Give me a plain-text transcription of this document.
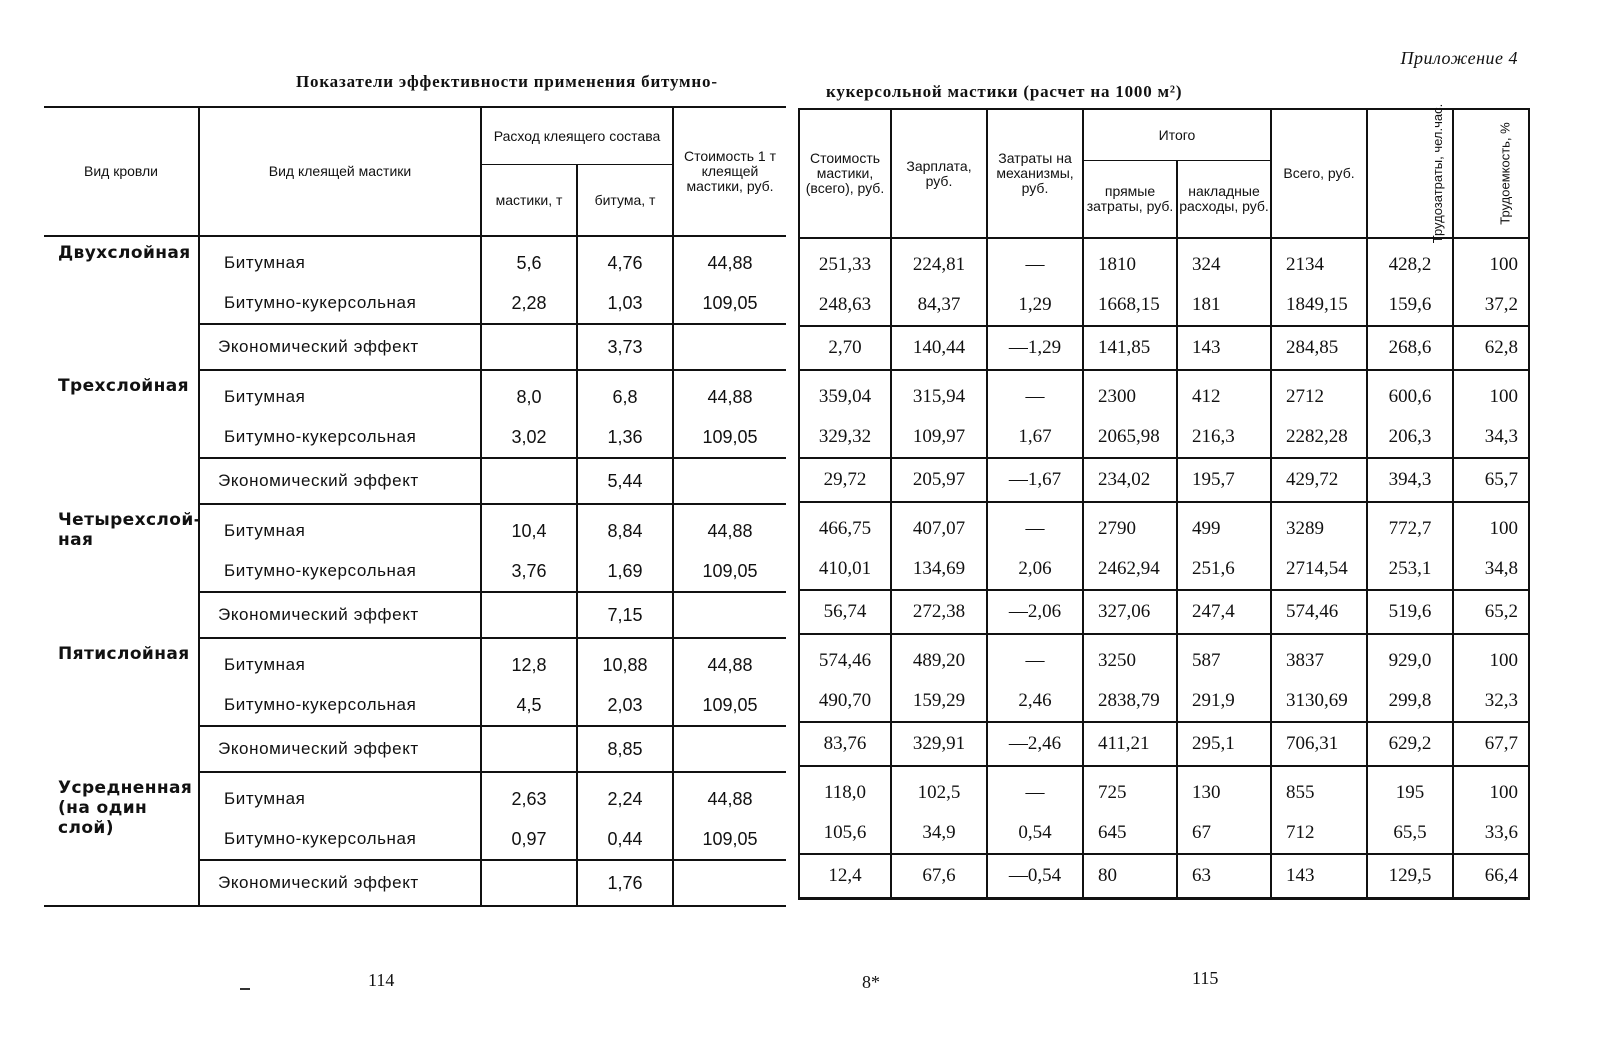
Приложение 4
Показатели эффективности применения битумно-
кукерсольной мастики (расчет на 1000 м²)
Вид кровли	Вид клеящей мастики	Расход клеящего состава		Стоимость 1 т клеящей мастики, руб.
		мастики, т	битума, т	
Двухслойная	Битумная	5,6	4,76	44,88
	Битумно-кукерсольная	2,28	1,03	109,05
	Экономический эффект		3,73	
Трехслойная	Битумная	8,0	6,8	44,88
	Битумно-кукерсольная	3,02	1,36	109,05
	Экономический эффект		5,44	
Четырехслой-ная	Битумная	10,4	8,84	44,88
	Битумно-кукерсольная	3,76	1,69	109,05
	Экономический эффект		7,15	
Пятислойная	Битумная	12,8	10,88	44,88
	Битумно-кукерсольная	4,5	2,03	109,05
	Экономический эффект		8,85	
Усредненная (на один слой)	Битумная	2,63	2,24	44,88
	Битумно-кукерсольная	0,97	0,44	109,05
	Экономический эффект		1,76	
Стоимость мастики, (всего), руб.	Зарплата, руб.	Затраты на механизмы, руб.	Итого		Всего, руб.	Трудозатраты, чел.час.	Трудоемкость, %
			прямые затраты, руб.	накладные расходы, руб.			
251,33	224,81	—	1810	324	2134	428,2	100
248,63	84,37	1,29	1668,15	181	1849,15	159,6	37,2
2,70	140,44	—1,29	141,85	143	284,85	268,6	62,8
359,04	315,94	—	2300	412	2712	600,6	100
329,32	109,97	1,67	2065,98	216,3	2282,28	206,3	34,3
29,72	205,97	—1,67	234,02	195,7	429,72	394,3	65,7
466,75	407,07	—	2790	499	3289	772,7	100
410,01	134,69	2,06	2462,94	251,6	2714,54	253,1	34,8
56,74	272,38	—2,06	327,06	247,4	574,46	519,6	65,2
574,46	489,20	—	3250	587	3837	929,0	100
490,70	159,29	2,46	2838,79	291,9	3130,69	299,8	32,3
83,76	329,91	—2,46	411,21	295,1	706,31	629,2	67,7
118,0	102,5	—	725	130	855	195	100
105,6	34,9	0,54	645	67	712	65,5	33,6
12,4	67,6	—0,54	80	63	143	129,5	66,4
114	8*	115
